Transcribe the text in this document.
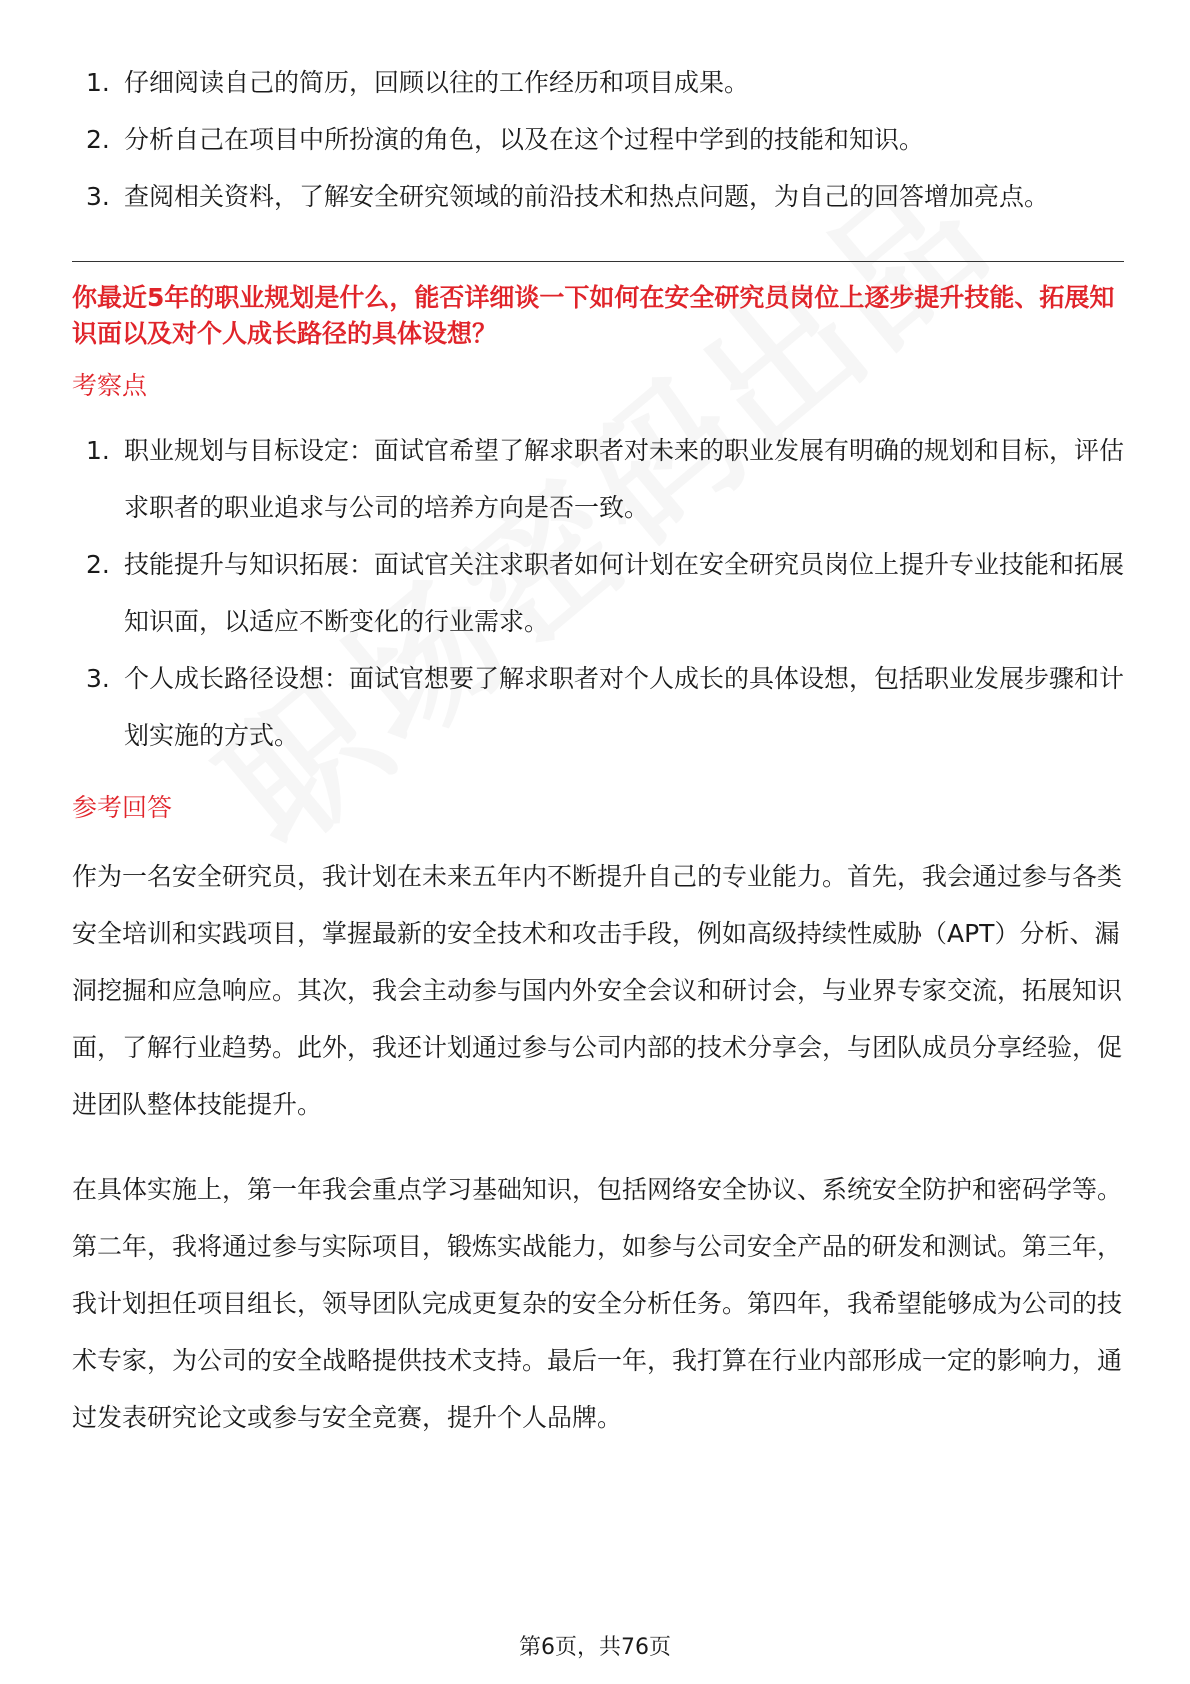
1. 仔细阅读自己的简历，回顾以往的工作经历和项目成果。
2. 分析自己在项目中所扮演的角色，以及在这个过程中学到的技能和知识。
3. 查阅相关资料，了解安全研究领域的前沿技术和热点问题，为自己的回答增加亮点。

你最近5年的职业规划是什么，能否详细谈一下如何在安全研究员岗位上逐步提升技能、拓展知识面以及对个人成长路径的具体设想？

考察点
1. 职业规划与目标设定：面试官希望了解求职者对未来的职业发展有明确的规划和目标，评估求职者的职业追求与公司的培养方向是否一致。
2. 技能提升与知识拓展：面试官关注求职者如何计划在安全研究员岗位上提升专业技能和拓展知识面，以适应不断变化的行业需求。
3. 个人成长路径设想：面试官想要了解求职者对个人成长的具体设想，包括职业发展步骤和计划实施的方式。
参考回答

作为一名安全研究员，我计划在未来五年内不断提升自己的专业能力。首先，我会通过参与各类安全培训和实践项目，掌握最新的安全技术和攻击手段，例如高级持续性威胁（APT）分析、漏洞挖掘和应急响应。其次，我会主动参与国内外安全会议和研讨会，与业界专家交流，拓展知识面，了解行业趋势。此外，我还计划通过参与公司内部的技术分享会，与团队成员分享经验，促进团队整体技能提升。

在具体实施上，第一年我会重点学习基础知识，包括网络安全协议、系统安全防护和密码学等。第二年，我将通过参与实际项目，锻炼实战能力，如参与公司安全产品的研发和测试。第三年，我计划担任项目组长，领导团队完成更复杂的安全分析任务。第四年，我希望能够成为公司的技术专家，为公司的安全战略提供技术支持。最后一年，我打算在行业内部形成一定的影响力，通过发表研究论文或参与安全竞赛，提升个人品牌。

第6页，共76页
